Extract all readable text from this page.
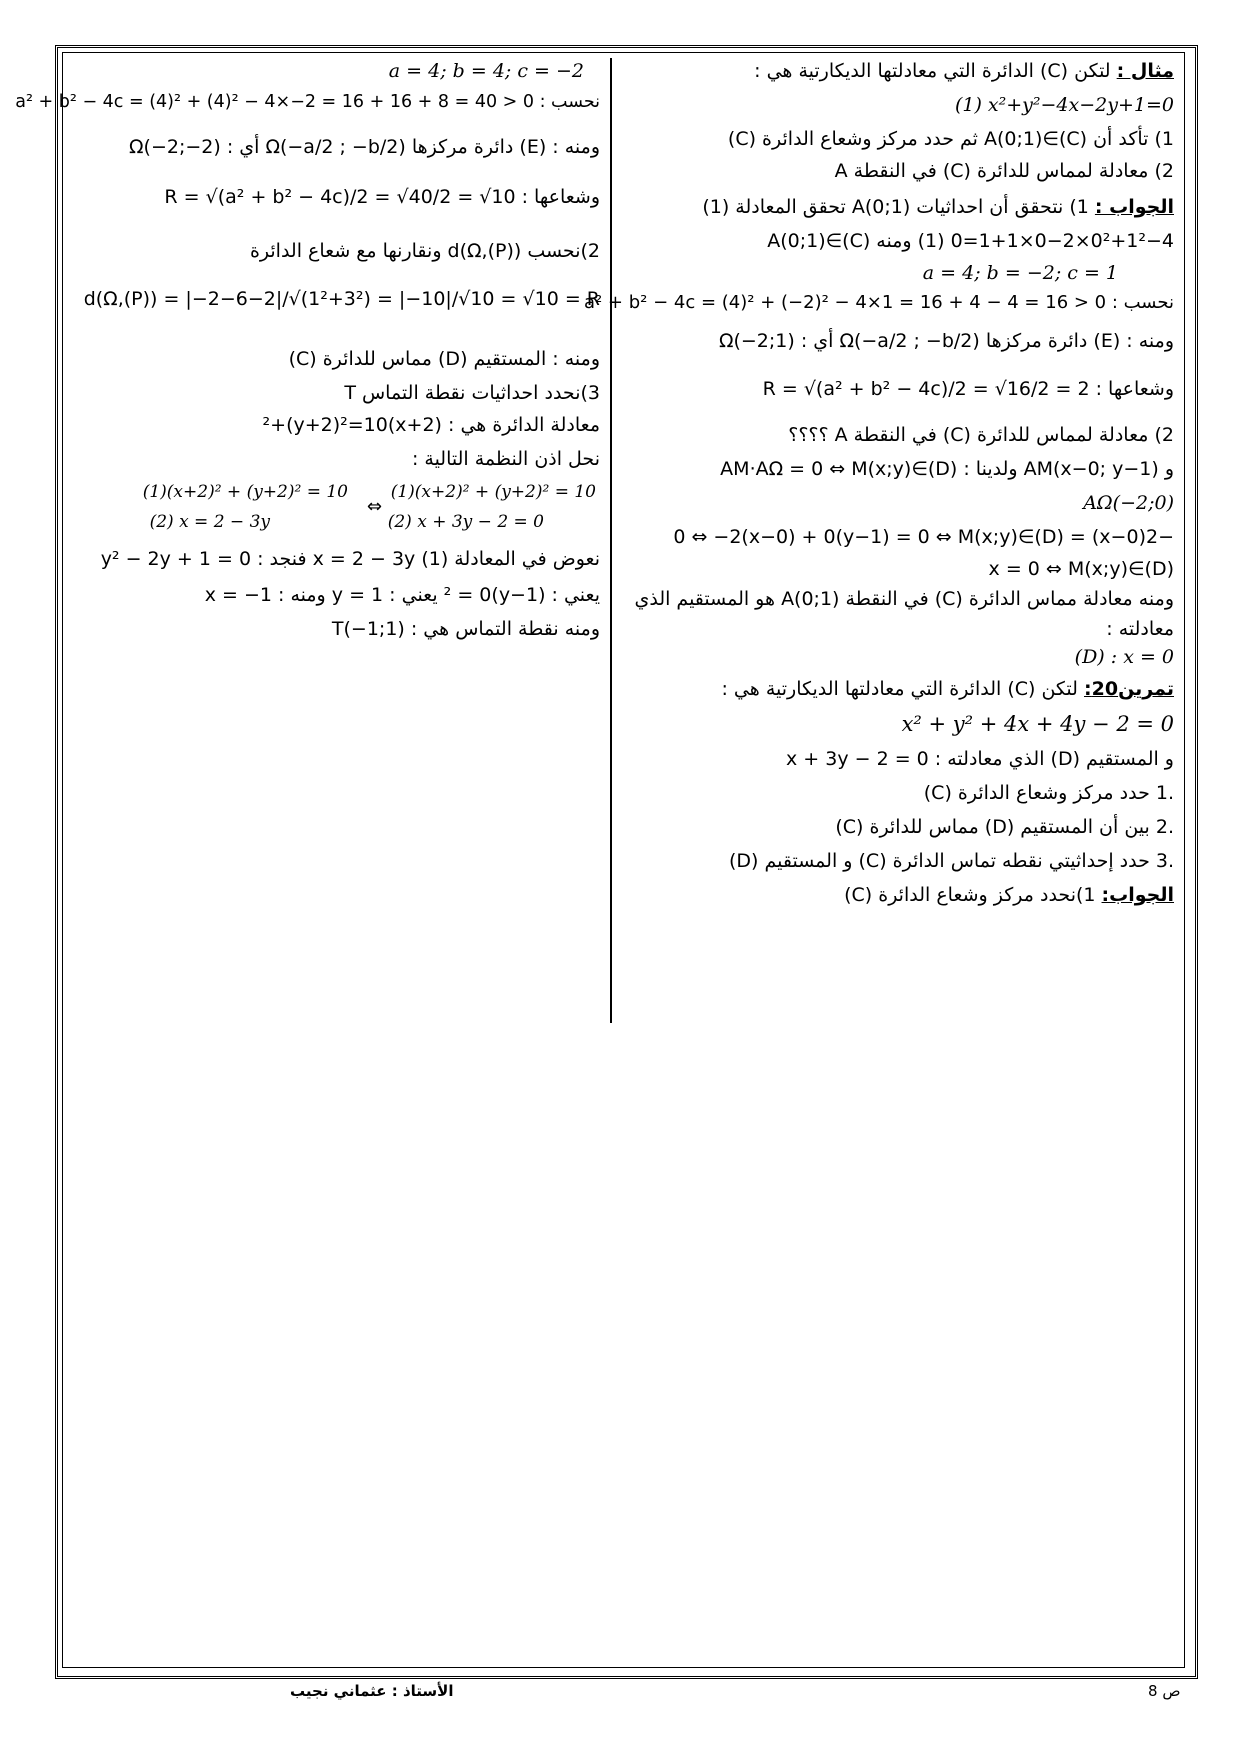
مثال : لتكن (C) الدائرة التي معادلتها الديكارتية هي :
(1) x²+y²−4x−2y+1=0
1) تأكد أن A(0;1)∈(C) ثم حدد مركز وشعاع الدائرة (C)
2) معادلة لمماس للدائرة (C) في النقطة A
الجواب : 1) نتحقق أن احداثيات A(0;1) تحقق المعادلة (1)
0²+1²−4×0−2×1+1=0 (1) ومنه A(0;1)∈(C)
a = 4; b = −2; c = 1
نحسب : a² + b² − 4c = (4)² + (−2)² − 4×1 = 16 + 4 − 4 = 16 > 0
ومنه : (E) دائرة مركزها Ω(−a/2 ; −b/2) أي : Ω(−2;1)
وشعاعها : R = √(a² + b² − 4c)/2 = √16/2 = 2
2) معادلة لمماس للدائرة (C) في النقطة A ؟؟؟؟
و AM(x−0; y−1) ولدينا : AM·AΩ = 0 ⇔ M(x;y)∈(D)
AΩ(−2;0)
−2(x−0) = 0 ⇔ −2(x−0) + 0(y−1) = 0 ⇔ M(x;y)∈(D)
x = 0 ⇔ M(x;y)∈(D)
ومنه معادلة مماس الدائرة (C) في النقطة A(0;1) هو المستقيم الذي
معادلته :
(D) : x = 0
تمرين20: لتكن (C) الدائرة التي معادلتها الديكارتية هي :
x² + y² + 4x + 4y − 2 = 0
و المستقيم (D) الذي معادلته : x + 3y − 2 = 0
.1 حدد مركز وشعاع الدائرة (C)
.2 بين أن المستقيم (D) مماس للدائرة (C)
.3 حدد إحداثيتي نقطه تماس الدائرة (C) و المستقيم (D)
الجواب: 1)نحدد مركز وشعاع الدائرة (C)
a = 4; b = 4; c = −2
نحسب : a² + b² − 4c = (4)² + (4)² − 4×−2 = 16 + 16 + 8 = 40 > 0
ومنه : (E) دائرة مركزها Ω(−a/2 ; −b/2) أي : Ω(−2;−2)
وشعاعها : R = √(a² + b² − 4c)/2 = √40/2 = √10
2)نحسب d(Ω,(P)) ونقارنها مع شعاع الدائرة
d(Ω,(P)) = |−2−6−2|/√(1²+3²) = |−10|/√10 = √10 = R
ومنه : المستقيم (D) مماس للدائرة (C)
3)نحدد احداثيات نقطة التماس T
معادلة الدائرة هي : (x+2)²+(y+2)²=10
نحل اذن النظمة التالية :
(1)(x+2)² + (y+2)² = 10
(2) x + 3y − 2 = 0
⇔
(1)(x+2)² + (y+2)² = 10
(2) x = 2 − 3y
نعوض في المعادلة (1) x = 2 − 3y فنجد : y² − 2y + 1 = 0
يعني : (y−1)² = 0 يعني : y = 1 ومنه : x = −1
ومنه نقطة التماس هي : T(−1;1)
الأستاذ : عثماني نجيب	ص 8
